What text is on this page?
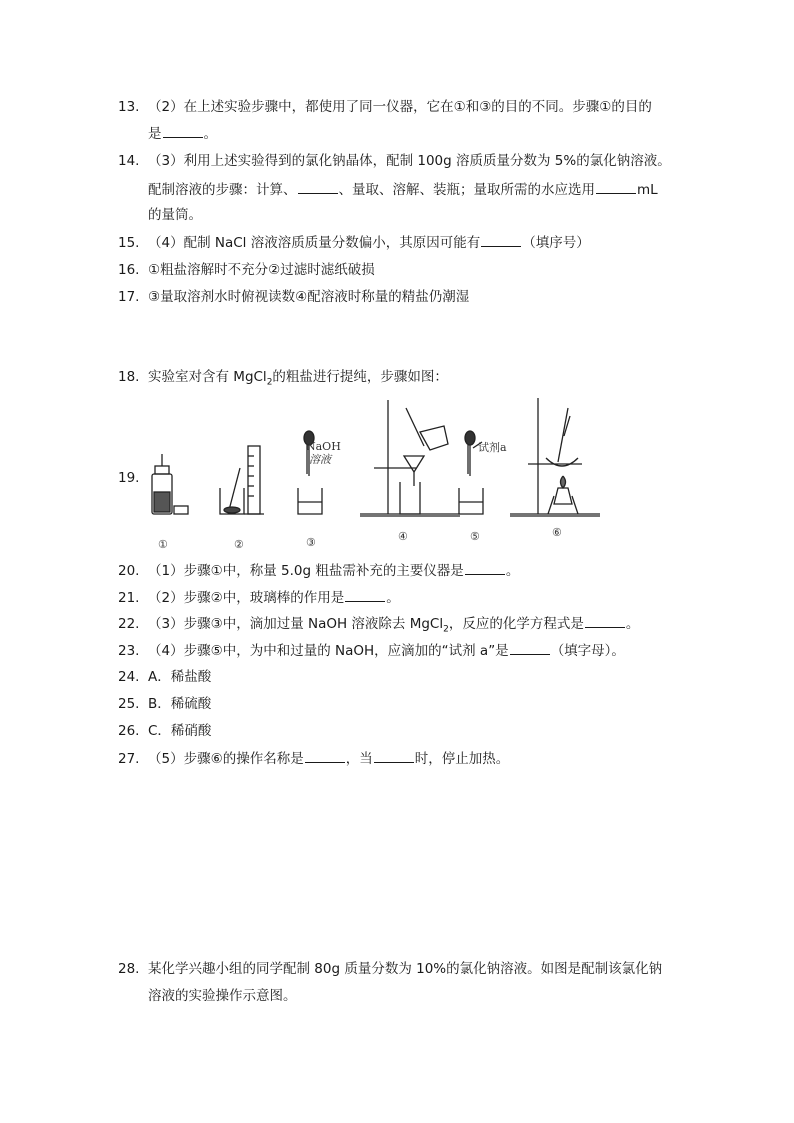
13. （2）在上述实验步骤中，都使用了同一仪器，它在①和③的目的不同。步骤①的目的
是	。
14. （3）利用上述实验得到的氯化钠晶体，配制 100g 溶质质量分数为 5%的氯化钠溶液。
配制溶液的步骤：计算、	、量取、溶解、装瓶；量取所需的水应选用	mL
的量筒。
15. （4）配制 NaCl 溶液溶质质量分数偏小，其原因可能有	（填序号）
16. ①粗盐溶解时不充分②过滤时滤纸破损
17. ③量取溶剂水时俯视读数④配溶液时称量的精盐仍潮湿
18. 实验室对含有 MgCl$_2$的粗盐进行提纯，步骤如图：
19.
NaOH
溶液
试剂a
①	②	③	④	⑤	⑥
20. （1）步骤①中，称量 5.0g 粗盐需补充的主要仪器是	。
21. （2）步骤②中，玻璃棒的作用是	。
22. （3）步骤③中，滴加过量 NaOH 溶液除去 MgCl$_2$，反应的化学方程式是	。
23. （4）步骤⑤中，为中和过量的 NaOH，应滴加的“试剂 a”是	（填字母）。
24. A．稀盐酸
25. B．稀硫酸
26. C．稀硝酸
27. （5）步骤⑥的操作名称是	，当	时，停止加热。
28. 某化学兴趣小组的同学配制 80g 质量分数为 10%的氯化钠溶液。如图是配制该氯化钠
溶液的实验操作示意图。
